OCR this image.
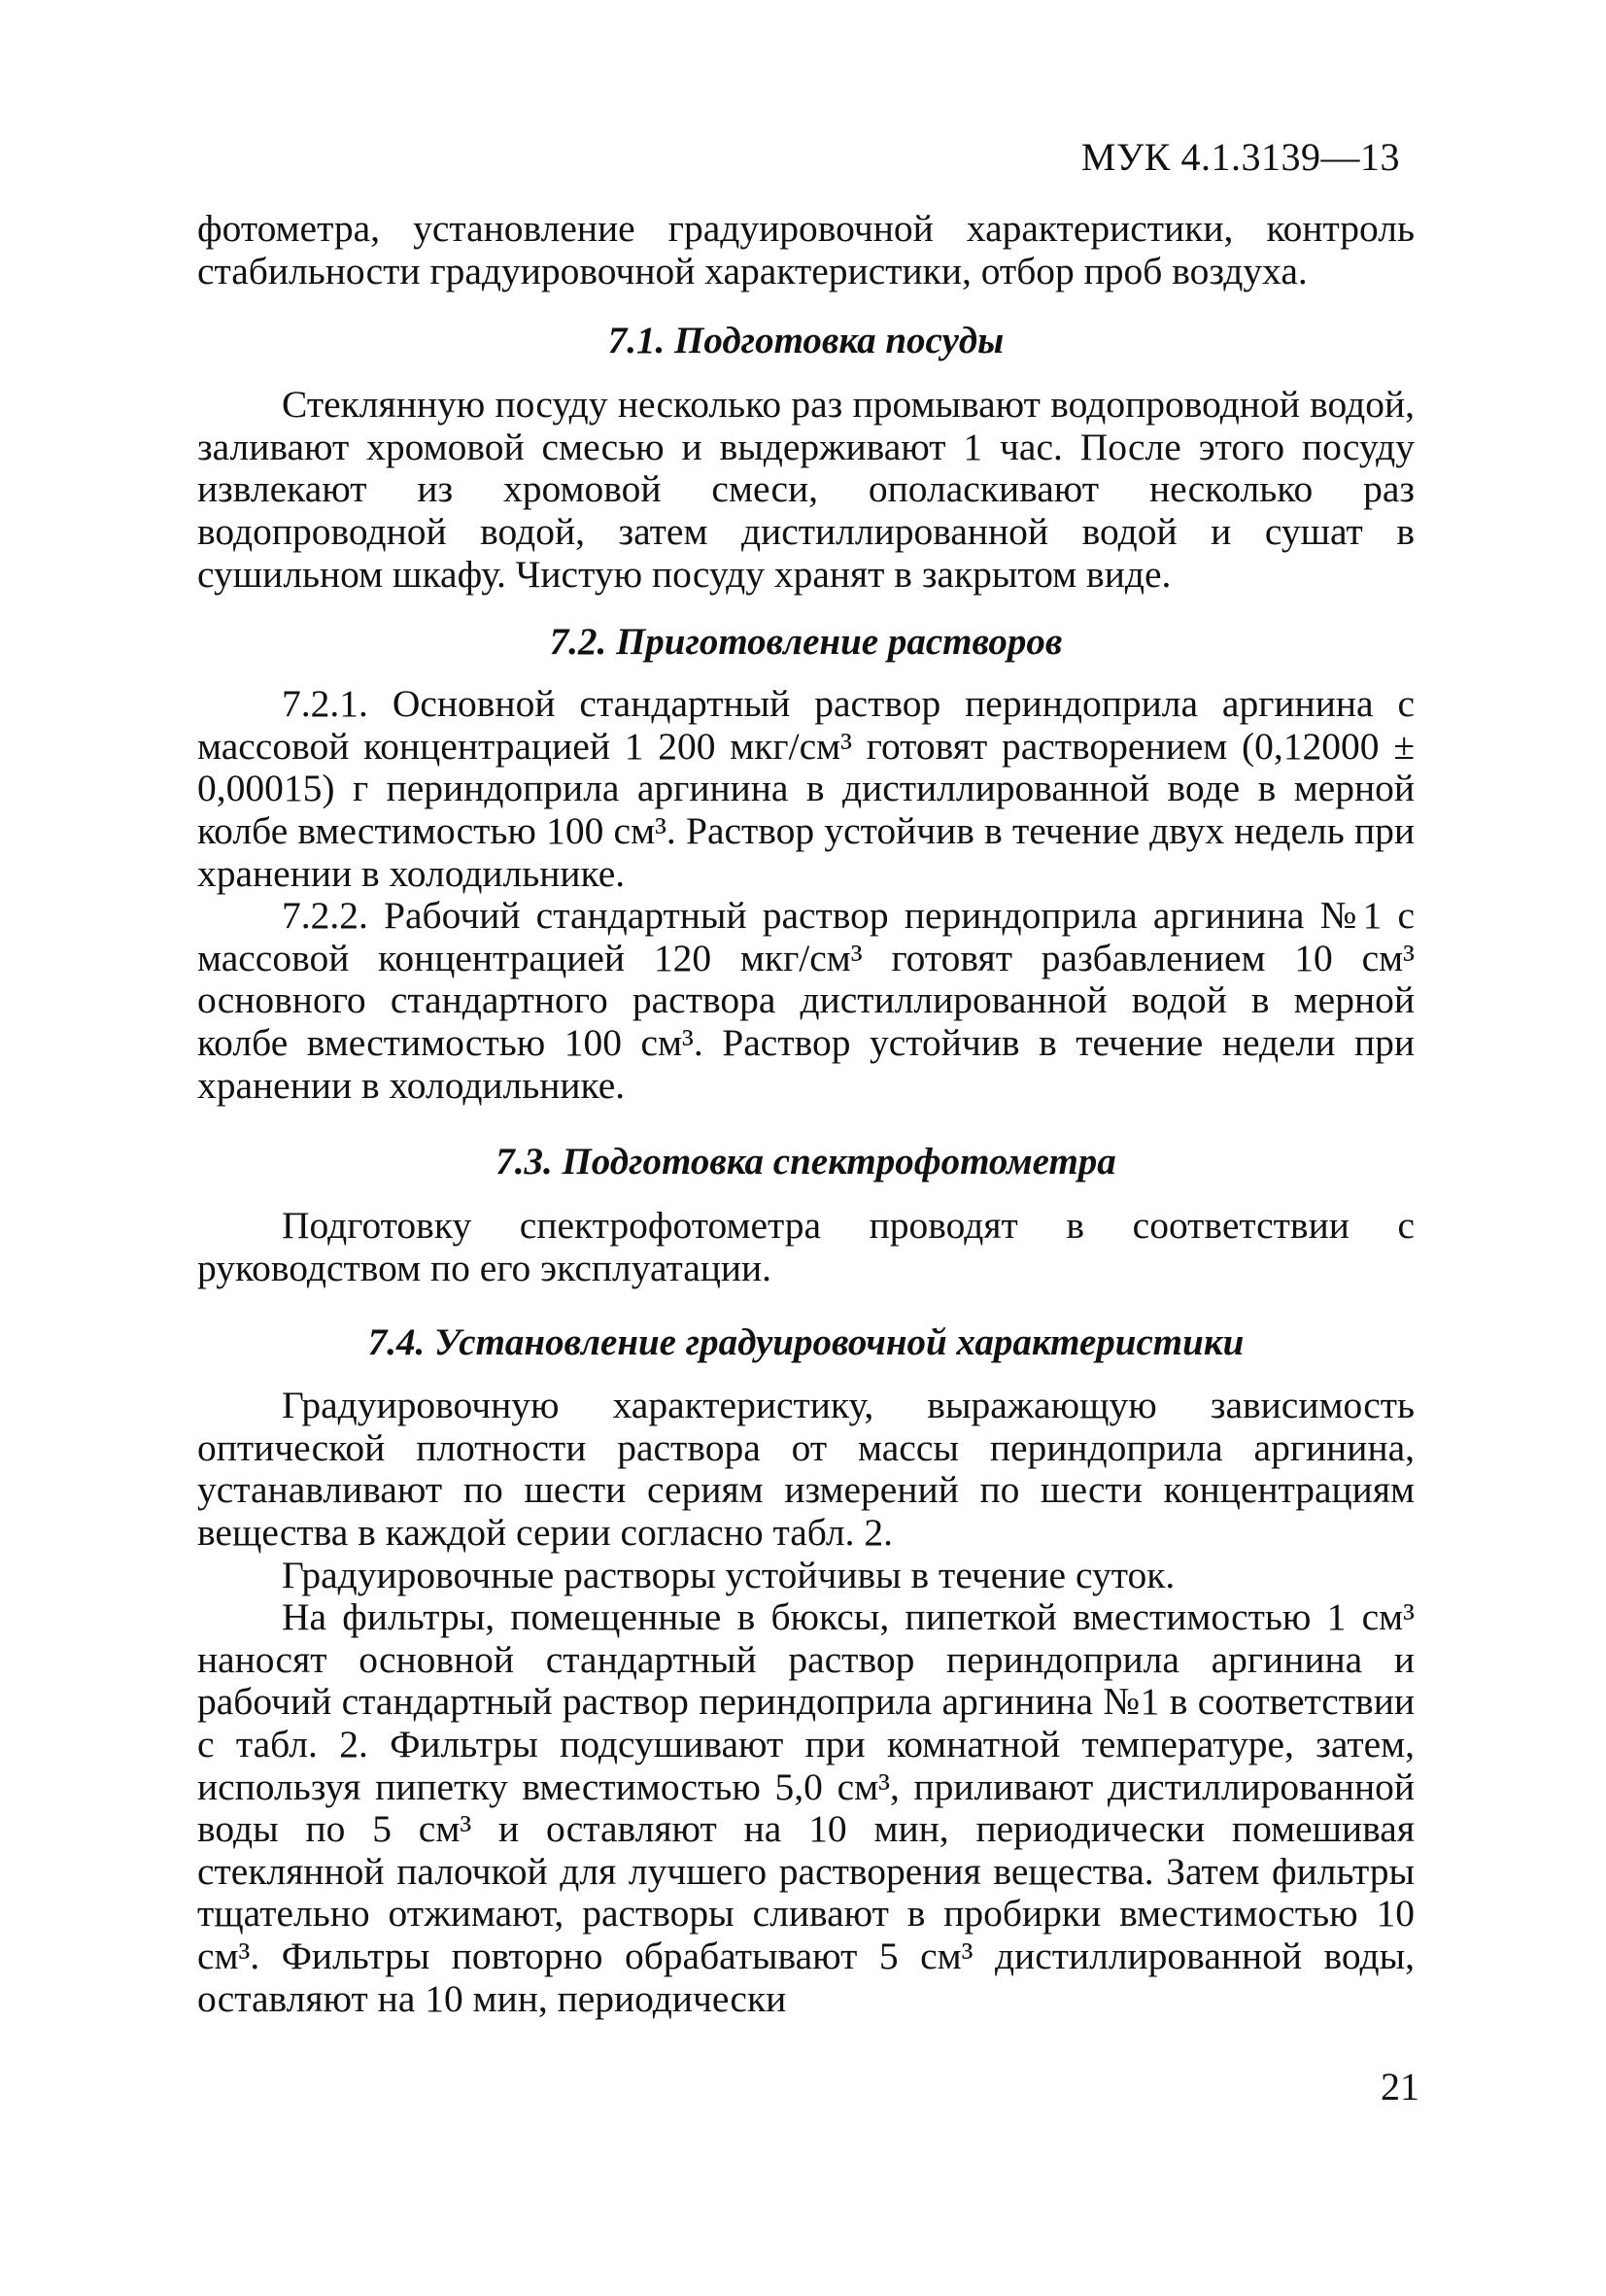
МУК 4.1.3139—13

фотометра, установление градуировочной характеристики, контроль стабильности градуировочной характеристики, отбор проб воздуха.

7.1. Подготовка посуды

Стеклянную посуду несколько раз промывают водопроводной водой, заливают хромовой смесью и выдерживают 1 час. После этого посуду извлекают из хромовой смеси, ополаскивают несколько раз водопроводной водой, затем дистиллированной водой и сушат в сушильном шкафу. Чистую посуду хранят в закрытом виде.

7.2. Приготовление растворов

7.2.1. Основной стандартный раствор периндоприла аргинина с массовой концентрацией 1 200 мкг/см³ готовят растворением (0,12000 ± 0,00015) г периндоприла аргинина в дистиллированной воде в мерной колбе вместимостью 100 см³. Раствор устойчив в течение двух недель при хранении в холодильнике.

7.2.2. Рабочий стандартный раствор периндоприла аргинина №1 с массовой концентрацией 120 мкг/см³ готовят разбавлением 10 см³ основного стандартного раствора дистиллированной водой в мерной колбе вместимостью 100 см³. Раствор устойчив в течение недели при хранении в холодильнике.

7.3. Подготовка спектрофотометра

Подготовку спектрофотометра проводят в соответствии с руководством по его эксплуатации.

7.4. Установление градуировочной характеристики

Градуировочную характеристику, выражающую зависимость оптической плотности раствора от массы периндоприла аргинина, устанавливают по шести сериям измерений по шести концентрациям вещества в каждой серии согласно табл. 2.

Градуировочные растворы устойчивы в течение суток.

На фильтры, помещенные в бюксы, пипеткой вместимостью 1 см³ наносят основной стандартный раствор периндоприла аргинина и рабочий стандартный раствор периндоприла аргинина №1 в соответствии с табл. 2. Фильтры подсушивают при комнатной температуре, затем, используя пипетку вместимостью 5,0 см³, приливают дистиллированной воды по 5 см³ и оставляют на 10 мин, периодически помешивая стеклянной палочкой для лучшего растворения вещества. Затем фильтры тщательно отжимают, растворы сливают в пробирки вместимостью 10 см³. Фильтры повторно обрабатывают 5 см³ дистиллированной воды, оставляют на 10 мин, периодически

21
